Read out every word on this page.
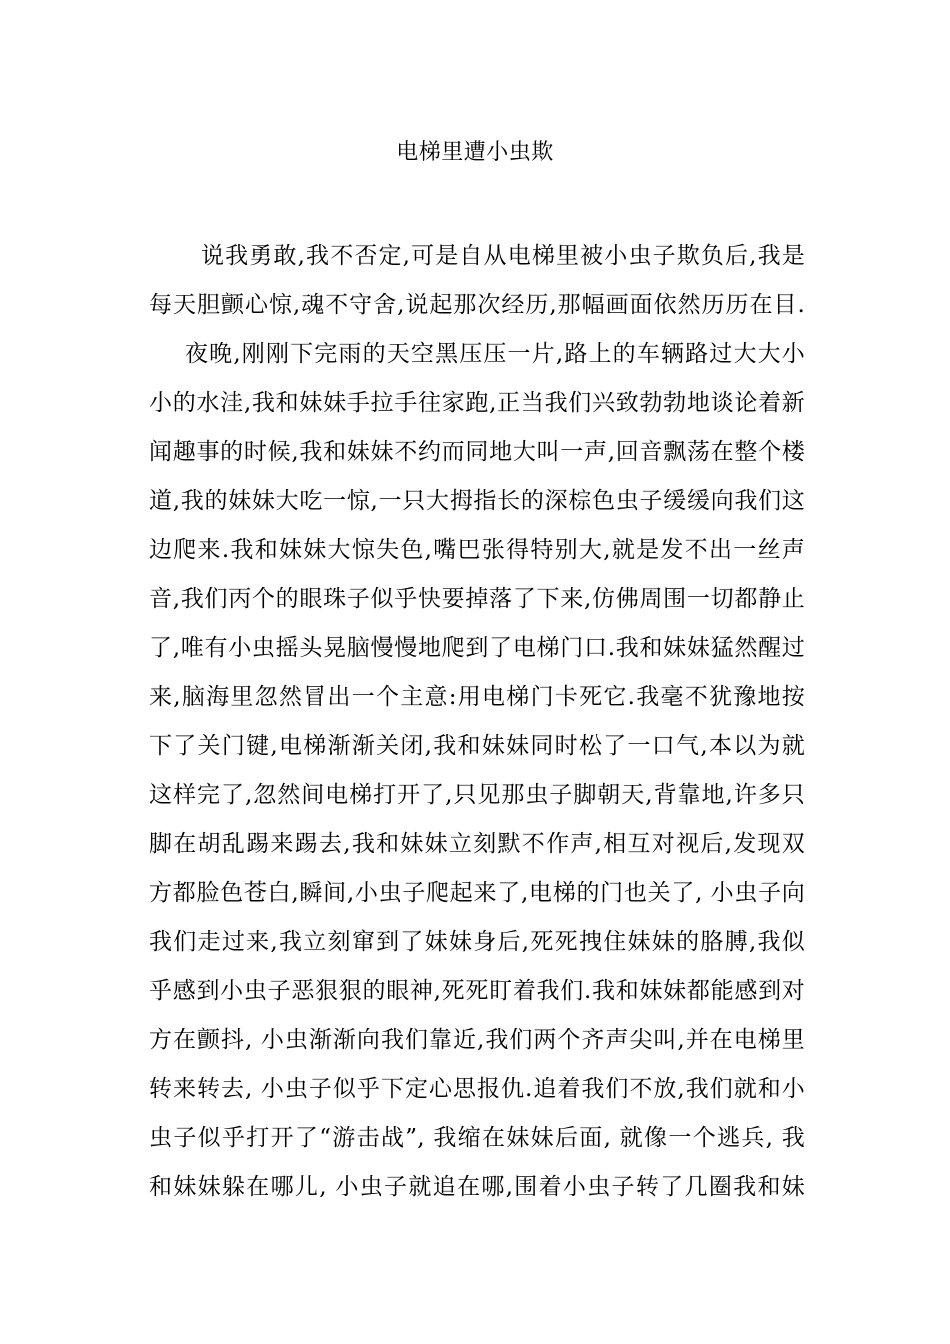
电梯里遭小虫欺
说我勇敢,我不否定,可是自从电梯里被小虫子欺负后,我是
每天胆颤心惊,魂不守舍,说起那次经历,那幅画面依然历历在目.
夜晚,刚刚下完雨的天空黑压压一片,路上的车辆路过大大小
小的水洼,我和妹妹手拉手往家跑,正当我们兴致勃勃地谈论着新
闻趣事的时候,我和妹妹不约而同地大叫一声,回音飘荡在整个楼
道,我的妹妹大吃一惊,一只大拇指长的深棕色虫子缓缓向我们这
边爬来.我和妹妹大惊失色,嘴巴张得特别大,就是发不出一丝声
音,我们丙个的眼珠子似乎快要掉落了下来,仿佛周围一切都静止
了,唯有小虫摇头晃脑慢慢地爬到了电梯门口.我和妹妹猛然醒过
来,脑海里忽然冒出一个主意:用电梯门卡死它.我毫不犹豫地按
下了关门键,电梯渐渐关闭,我和妹妹同时松了一口气,本以为就
这样完了,忽然间电梯打开了,只见那虫子脚朝天,背靠地,许多只
脚在胡乱踢来踢去,我和妹妹立刻默不作声,相互对视后,发现双
方都脸色苍白,瞬间,小虫子爬起来了,电梯的门也关了, 小虫子向
我们走过来,我立刻窜到了妹妹身后,死死拽住妹妹的胳膊,我似
乎感到小虫子恶狠狠的眼神,死死盯着我们.我和妹妹都能感到对
方在颤抖, 小虫渐渐向我们靠近,我们两个齐声尖叫,并在电梯里
转来转去, 小虫子似乎下定心思报仇.追着我们不放,我们就和小
虫子似乎打开了“游击战”, 我缩在妹妹后面, 就像一个逃兵, 我
和妹妹躲在哪儿, 小虫子就追在哪,围着小虫子转了几圈我和妹
